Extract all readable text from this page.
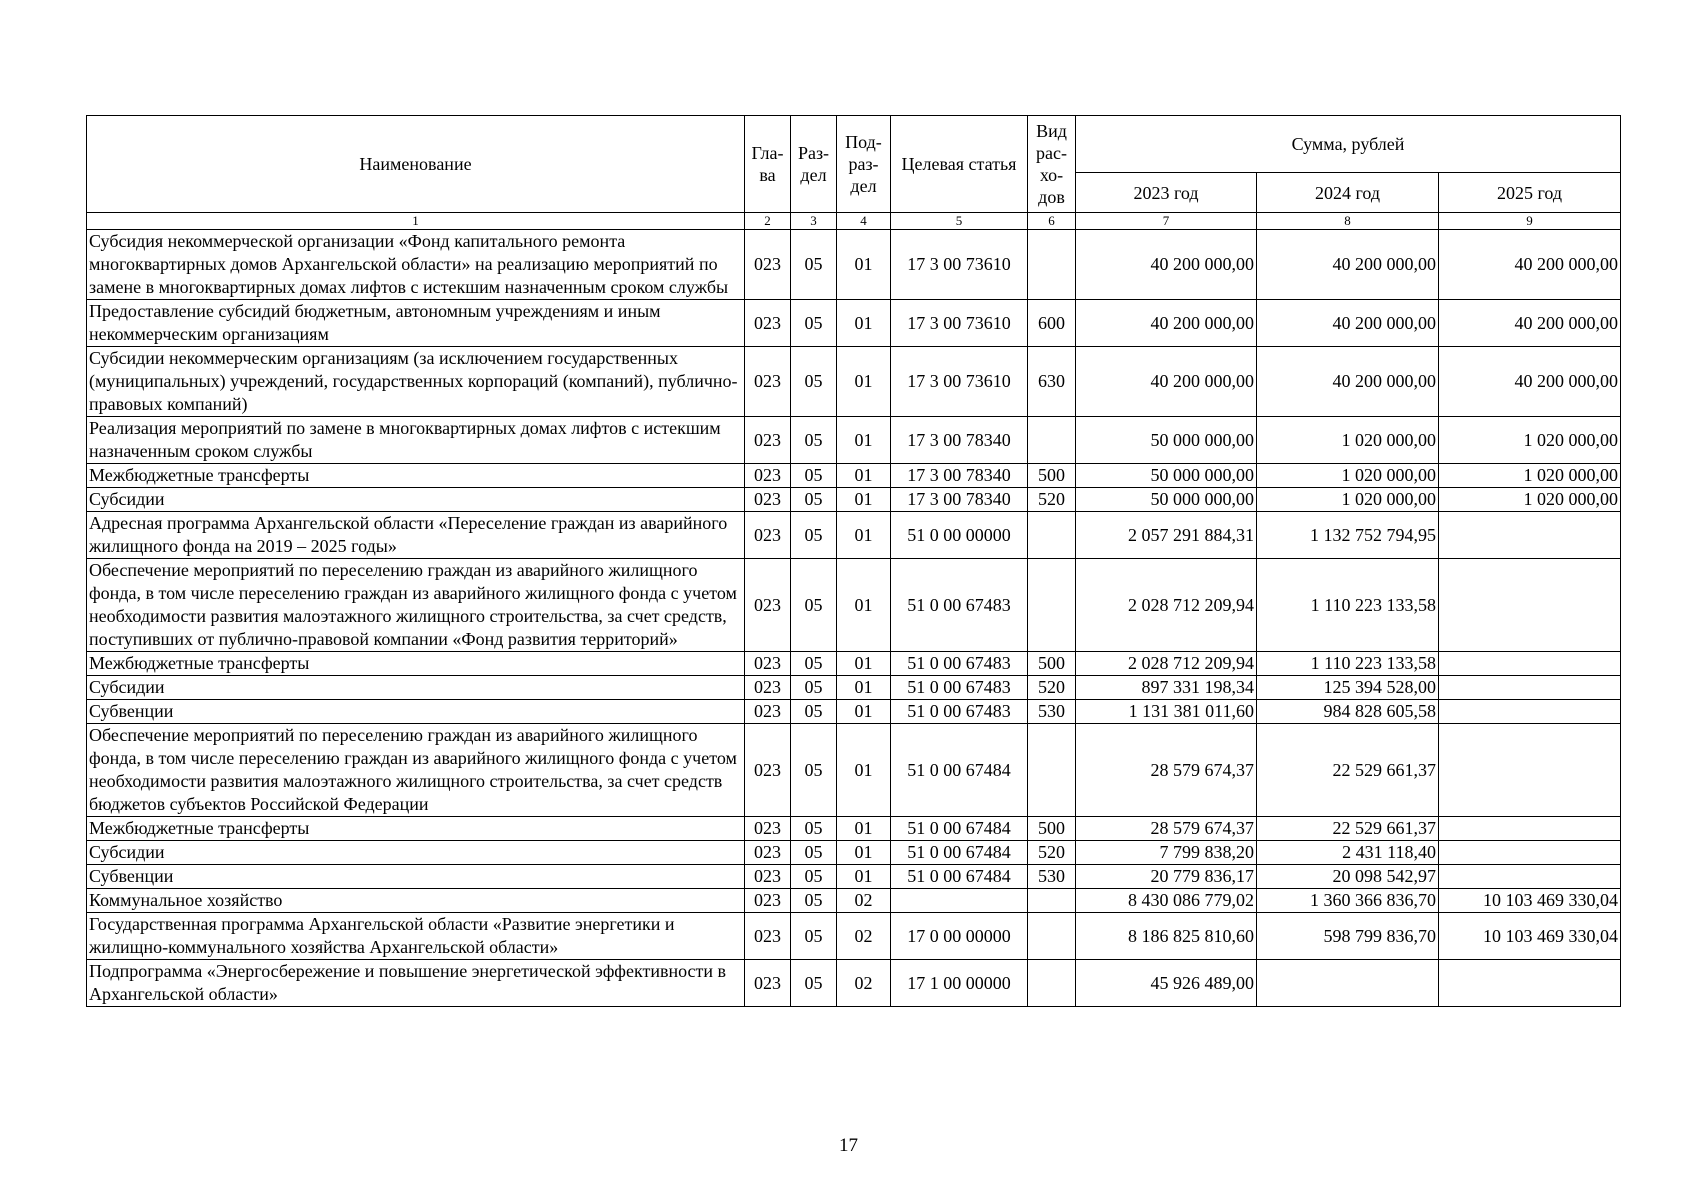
Наименование	Гла-ва	Раз-дел	Под-раз-дел	Целевая статья	Вид рас-хо-дов	Сумма, рублей		
						2023 год	2024 год	2025 год
1	2	3	4	5	6	7	8	9
Субсидия некоммерческой организации «Фонд капитального ремонта многоквартирных домов Архангельской области» на реализацию мероприятий по замене в многоквартирных домах лифтов с истекшим назначенным сроком службы	023	05	01	17 3 00 73610		40 200 000,00	40 200 000,00	40 200 000,00
Предоставление субсидий бюджетным, автономным учреждениям и иным некоммерческим организациям	023	05	01	17 3 00 73610	600	40 200 000,00	40 200 000,00	40 200 000,00
Субсидии некоммерческим организациям (за исключением государственных (муниципальных) учреждений, государственных корпораций (компаний), публично-правовых компаний)	023	05	01	17 3 00 73610	630	40 200 000,00	40 200 000,00	40 200 000,00
Реализация мероприятий по замене в многоквартирных домах лифтов с истекшим назначенным сроком службы	023	05	01	17 3 00 78340		50 000 000,00	1 020 000,00	1 020 000,00
Межбюджетные трансферты	023	05	01	17 3 00 78340	500	50 000 000,00	1 020 000,00	1 020 000,00
Субсидии	023	05	01	17 3 00 78340	520	50 000 000,00	1 020 000,00	1 020 000,00
Адресная программа Архангельской области «Переселение граждан из аварийного жилищного фонда на 2019 – 2025 годы»	023	05	01	51 0 00 00000		2 057 291 884,31	1 132 752 794,95	
Обеспечение мероприятий по переселению граждан из аварийного жилищного фонда, в том числе переселению граждан из аварийного жилищного фонда с учетом необходимости развития малоэтажного жилищного строительства, за счет средств, поступивших от публично-правовой компании «Фонд развития территорий»	023	05	01	51 0 00 67483		2 028 712 209,94	1 110 223 133,58	
Межбюджетные трансферты	023	05	01	51 0 00 67483	500	2 028 712 209,94	1 110 223 133,58	
Субсидии	023	05	01	51 0 00 67483	520	897 331 198,34	125 394 528,00	
Субвенции	023	05	01	51 0 00 67483	530	1 131 381 011,60	984 828 605,58	
Обеспечение мероприятий по переселению граждан из аварийного жилищного фонда, в том числе переселению граждан из аварийного жилищного фонда с учетом необходимости развития малоэтажного жилищного строительства, за счет средств бюджетов субъектов Российской Федерации	023	05	01	51 0 00 67484		28 579 674,37	22 529 661,37	
Межбюджетные трансферты	023	05	01	51 0 00 67484	500	28 579 674,37	22 529 661,37	
Субсидии	023	05	01	51 0 00 67484	520	7 799 838,20	2 431 118,40	
Субвенции	023	05	01	51 0 00 67484	530	20 779 836,17	20 098 542,97	
Коммунальное хозяйство	023	05	02			8 430 086 779,02	1 360 366 836,70	10 103 469 330,04
Государственная программа Архангельской области «Развитие энергетики и жилищно-коммунального хозяйства Архангельской области»	023	05	02	17 0 00 00000		8 186 825 810,60	598 799 836,70	10 103 469 330,04
Подпрограмма «Энергосбережение и повышение энергетической эффективности в Архангельской области»	023	05	02	17 1 00 00000		45 926 489,00		
17
